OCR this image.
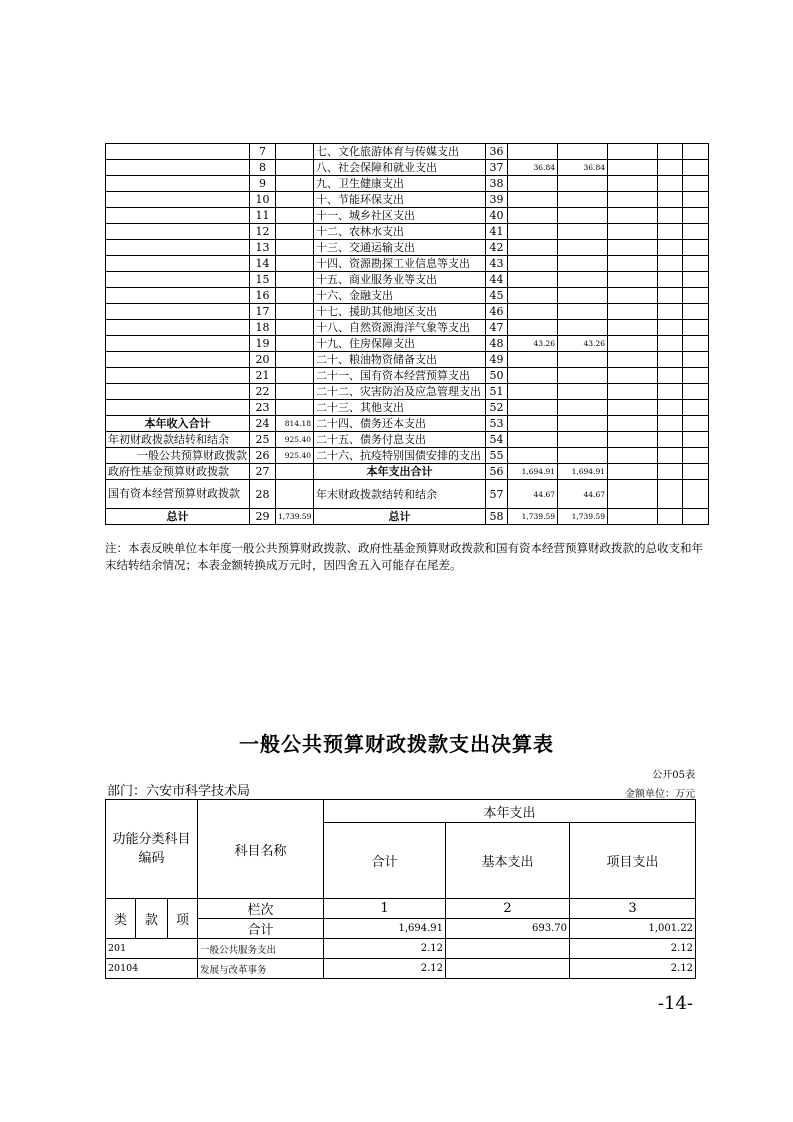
	7		七、文化旅游体育与传媒支出	36					
	8		八、社会保障和就业支出	37	36.84	36.84			
	9		九、卫生健康支出	38					
	10		十、节能环保支出	39					
	11		十一、城乡社区支出	40					
	12		十二、农林水支出	41					
	13		十三、交通运输支出	42					
	14		十四、资源勘探工业信息等支出	43					
	15		十五、商业服务业等支出	44					
	16		十六、金融支出	45					
	17		十七、援助其他地区支出	46					
	18		十八、自然资源海洋气象等支出	47					
	19		十九、住房保障支出	48	43.26	43.26			
	20		二十、粮油物资储备支出	49					
	21		二十一、国有资本经营预算支出	50					
	22		二十二、灾害防治及应急管理支出	51					
	23		二十三、其他支出	52					
本年收入合计	24	814.18	二十四、债务还本支出	53					
年初财政拨款结转和结余	25	925.40	二十五、债务付息支出	54					
一般公共预算财政拨款	26	925.40	二十六、抗疫特别国债安排的支出	55					
政府性基金预算财政拨款	27		本年支出合计	56	1,694.91	1,694.91			
国有资本经营预算财政拨款	28		年末财政拨款结转和结余	57	44.67	44.67			
总计	29	1,739.59	总计	58	1,739.59	1,739.59			
注：本表反映单位本年度一般公共预算财政拨款、政府性基金预算财政拨款和国有资本经营预算财政拨款的总收支和年末结转结余情况；本表金额转换成万元时，因四舍五入可能存在尾差。
一般公共预算财政拨款支出决算表
公开05表
部门：六安市科学技术局	金额单位：万元
功能分类科目编码			科目名称	本年支出		
				合计	基本支出	项目支出
类	款	项	栏次	1	2	3
			合计	1,694.91	693.70	1,001.22
201			一般公共服务支出	2.12		2.12
20104			发展与改革事务	2.12		2.12
-14-
